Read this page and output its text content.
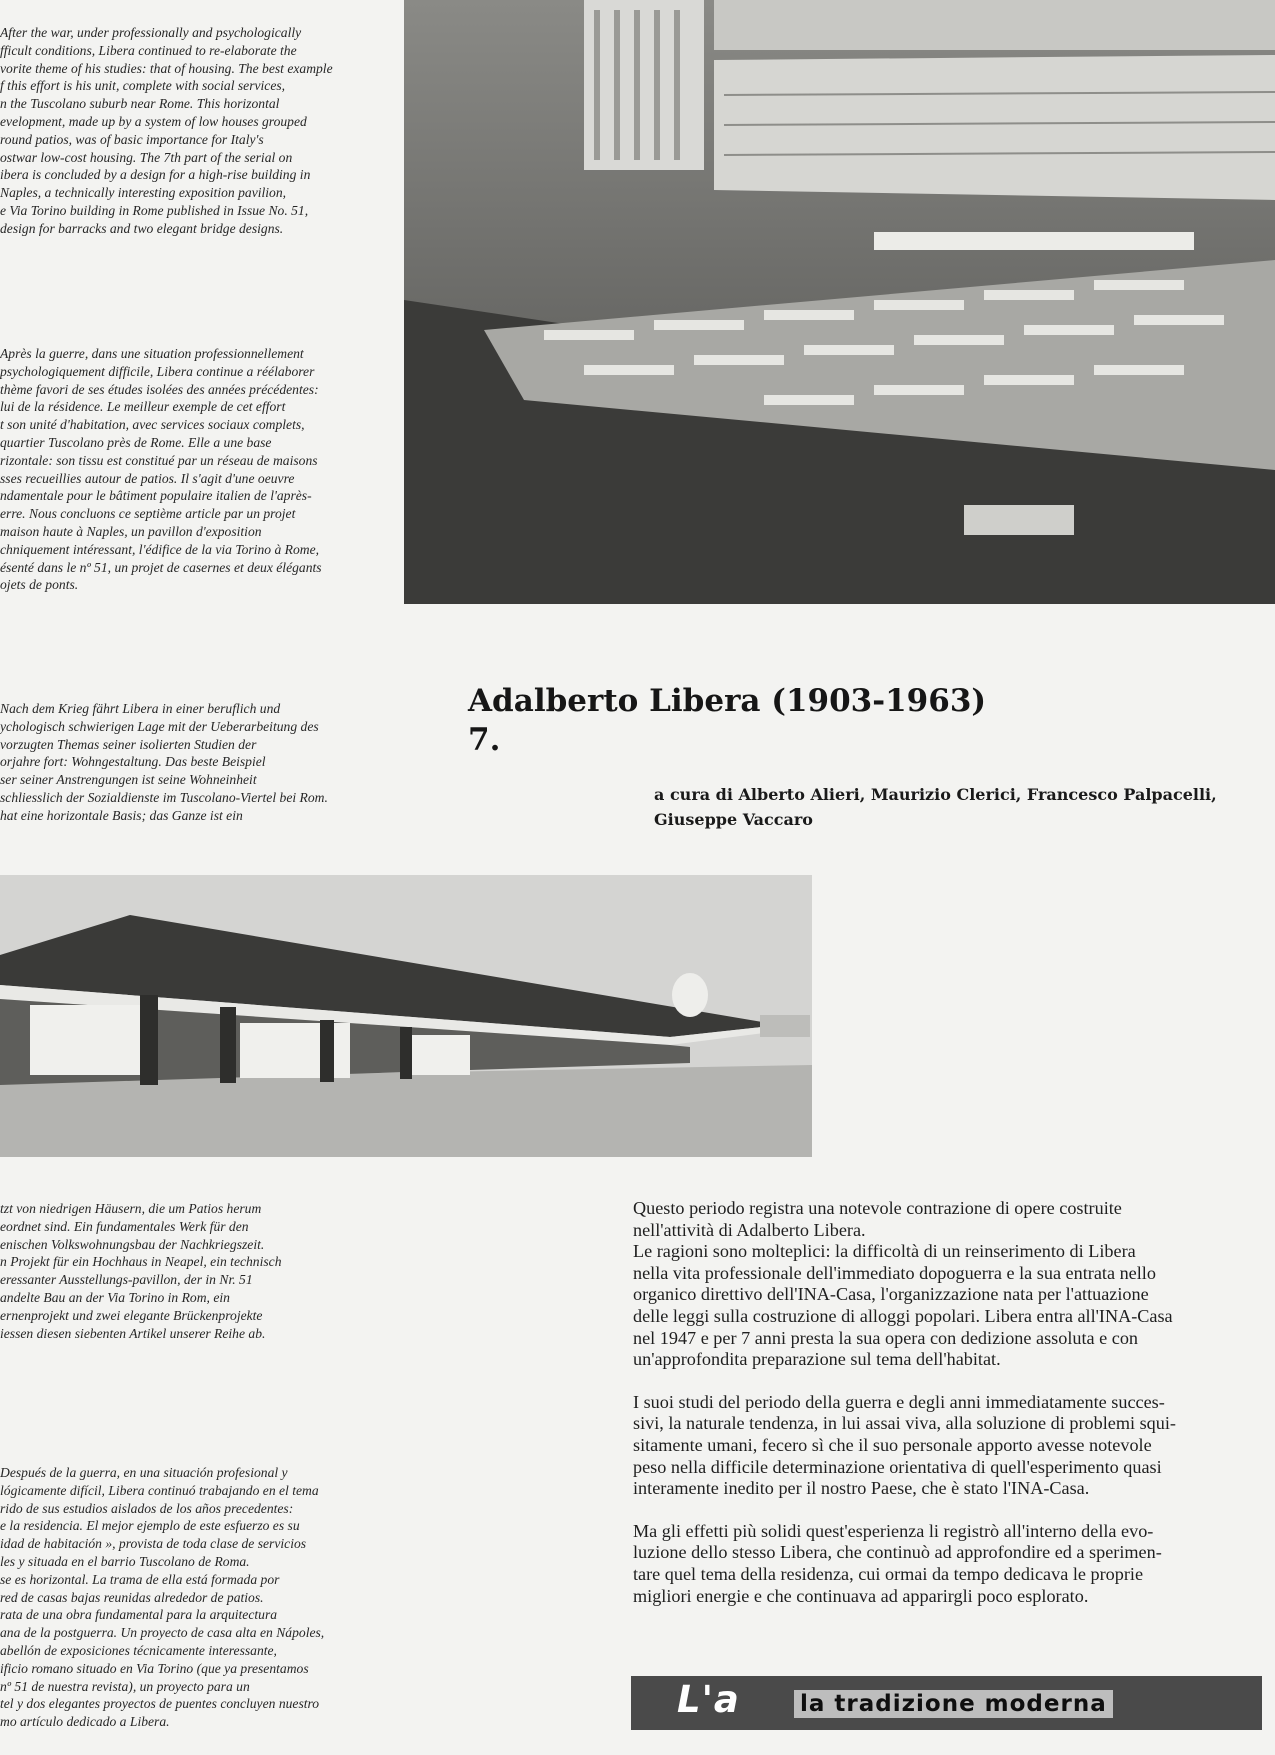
After the war, under professionally and psychologically
fficult conditions, Libera continued to re-elaborate the
vorite theme of his studies: that of housing. The best example
f this effort is his unit, complete with social services,
n the Tuscolano suburb near Rome. This horizontal
evelopment, made up by a system of low houses grouped
round patios, was of basic importance for Italy's
ostwar low-cost housing. The 7th part of the serial on
ibera is concluded by a design for a high-rise building in
Naples, a technically interesting exposition pavilion,
e Via Torino building in Rome published in Issue No. 51,
design for barracks and two elegant bridge designs.
Après la guerre, dans une situation professionnellement
psychologiquement difficile, Libera continue a réélaborer
thème favori de ses études isolées des années précédentes:
lui de la résidence. Le meilleur exemple de cet effort
t son unité d'habitation, avec services sociaux complets,
quartier Tuscolano près de Rome. Elle a une base
rizontale: son tissu est constitué par un réseau de maisons
sses recueillies autour de patios. Il s'agit d'une oeuvre
ndamentale pour le bâtiment populaire italien de l'après-
erre. Nous concluons ce septième article par un projet
maison haute à Naples, un pavillon d'exposition
chniquement intéressant, l'édifice de la via Torino à Rome,
ésenté dans le nº 51, un projet de casernes et deux élégants
ojets de ponts.
Nach dem Krieg fährt Libera in einer beruflich und
ychologisch schwierigen Lage mit der Ueberarbeitung des
vorzugten Themas seiner isolierten Studien der
orjahre fort: Wohngestaltung. Das beste Beispiel
ser seiner Anstrengungen ist seine Wohneinheit
schliesslich der Sozialdienste im Tuscolano-Viertel bei Rom.
hat eine horizontale Basis; das Ganze ist ein
tzt von niedrigen Häusern, die um Patios herum
eordnet sind. Ein fundamentales Werk für den
enischen Volkswohnungsbau der Nachkriegszeit.
n Projekt für ein Hochhaus in Neapel, ein technisch
eressanter Ausstellungs-pavillon, der in Nr. 51
andelte Bau an der Via Torino in Rom, ein
ernenprojekt und zwei elegante Brückenprojekte
iessen diesen siebenten Artikel unserer Reihe ab.
Después de la guerra, en una situación profesional y
lógicamente difícil, Libera continuó trabajando en el tema
rido de sus estudios aislados de los años precedentes:
e la residencia. El mejor ejemplo de este esfuerzo es su
idad de habitación », provista de toda clase de servicios
les y situada en el barrio Tuscolano de Roma.
se es horizontal. La trama de ella está formada por
red de casas bajas reunidas alrededor de patios.
rata de una obra fundamental para la arquitectura
ana de la postguerra. Un proyecto de casa alta en Nápoles,
abellón de exposiciones técnicamente interessante,
ificio romano situado en Via Torino (que ya presentamos
nº 51 de nuestra revista), un proyecto para un
tel y dos elegantes proyectos de puentes concluyen nuestro
mo artículo dedicado a Libera.
Adalberto Libera (1903-1963)
7.
a cura di Alberto Alieri, Maurizio Clerici, Francesco Palpacelli, Giuseppe Vaccaro

Questo periodo registra una notevole contrazione di opere costruite
nell'attività di Adalberto Libera.
Le ragioni sono molteplici: la difficoltà di un reinserimento di Libera
nella vita professionale dell'immediato dopoguerra e la sua entrata nello
organico direttivo dell'INA-Casa, l'organizzazione nata per l'attuazione
delle leggi sulla costruzione di alloggi popolari. Libera entra all'INA-Casa
nel 1947 e per 7 anni presta la sua opera con dedizione assoluta e con
un'approfondita preparazione sul tema dell'habitat.

I suoi studi del periodo della guerra e degli anni immediatamente succes-
sivi, la naturale tendenza, in lui assai viva, alla soluzione di problemi squi-
sitamente umani, fecero sì che il suo personale apporto avesse notevole
peso nella difficile determinazione orientativa di quell'esperimento quasi
interamente inedito per il nostro Paese, che è stato l'INA-Casa.

Ma gli effetti più solidi quest'esperienza li registrò all'interno della evo-
luzione dello stesso Libera, che continuò ad approfondire ed a sperimen-
tare quel tema della residenza, cui ormai da tempo dedicava le proprie
migliori energie e che continuava ad apparirgli poco esplorato.

L'a	la tradizione moderna
